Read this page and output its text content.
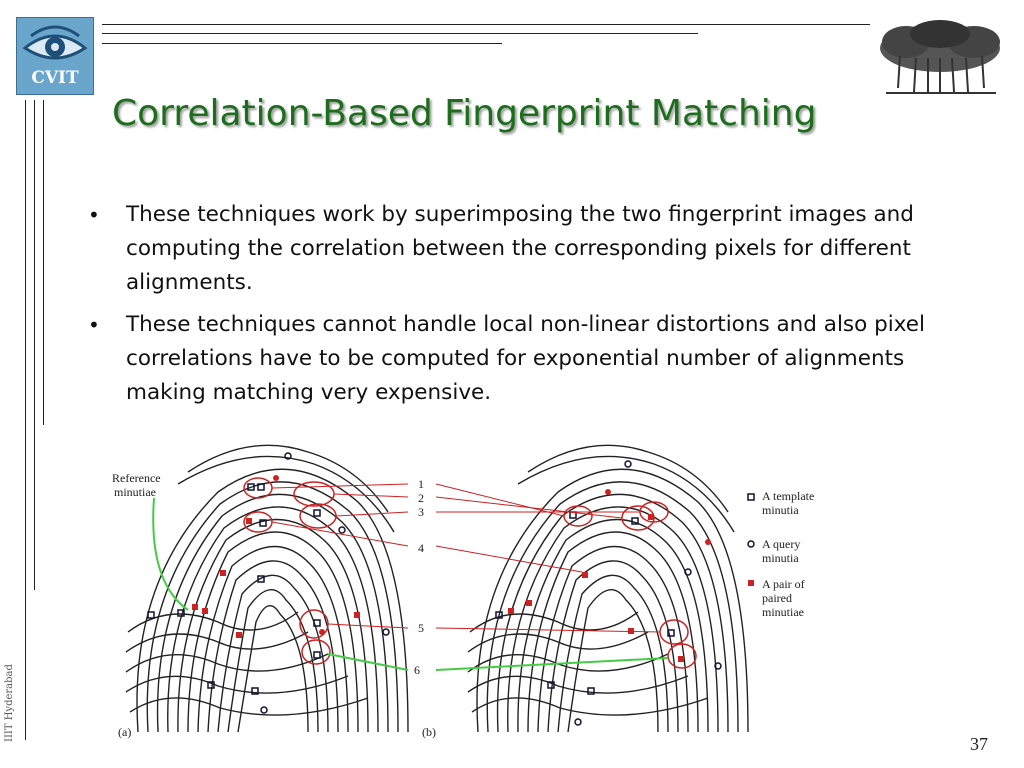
CVIT
Correlation-Based Fingerprint Matching
• These techniques work by superimposing the two fingerprint images and computing the correlation between the corresponding pixels for different alignments.
• These techniques cannot handle local non-linear distortions and also pixel correlations have to be computed for exponential number of alignments making matching very expensive.
Reference
minutiae
1
2
3
4
5
6
(a)	(b)
A template
minutia
A query
minutia
A pair of
paired
minutiae
IIIT Hyderabad
37
